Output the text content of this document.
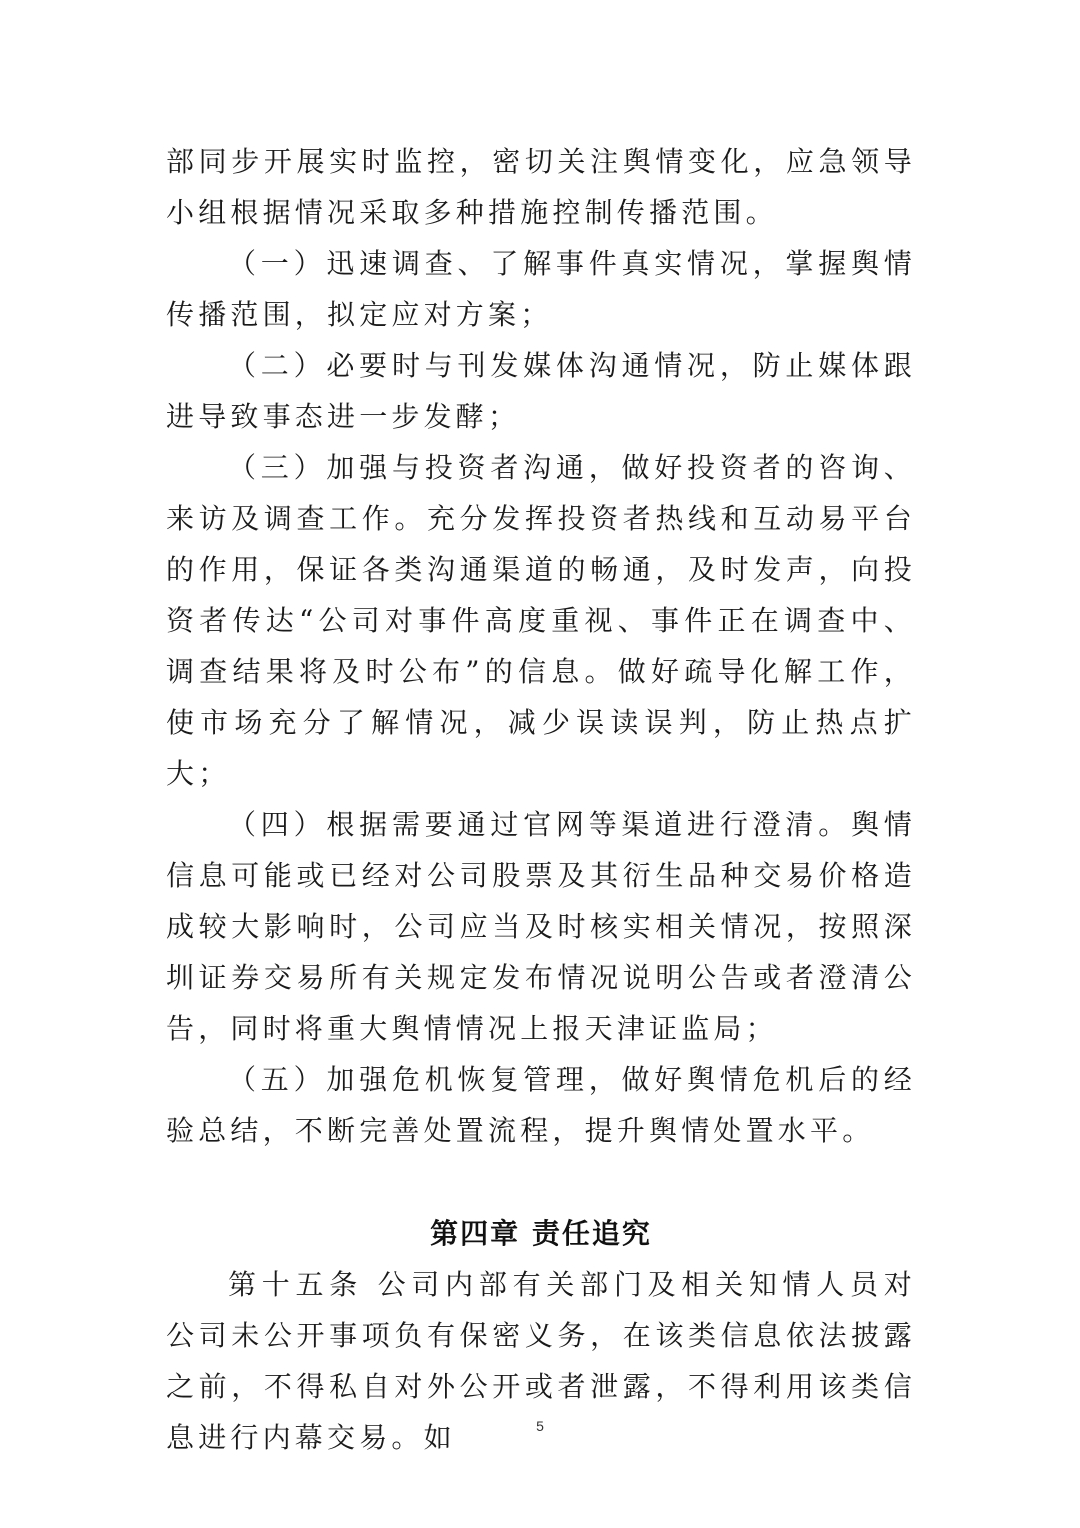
部同步开展实时监控，密切关注舆情变化，应急领导小组根据情况采取多种措施控制传播范围。

（一）迅速调查、了解事件真实情况，掌握舆情传播范围，拟定应对方案；

（二）必要时与刊发媒体沟通情况，防止媒体跟进导致事态进一步发酵；

（三）加强与投资者沟通，做好投资者的咨询、来访及调查工作。充分发挥投资者热线和互动易平台的作用，保证各类沟通渠道的畅通，及时发声，向投资者传达“公司对事件高度重视、事件正在调查中、调查结果将及时公布”的信息。做好疏导化解工作，使市场充分了解情况，减少误读误判，防止热点扩大；

（四）根据需要通过官网等渠道进行澄清。舆情信息可能或已经对公司股票及其衍生品种交易价格造成较大影响时，公司应当及时核实相关情况，按照深圳证券交易所有关规定发布情况说明公告或者澄清公告，同时将重大舆情情况上报天津证监局；

（五）加强危机恢复管理，做好舆情危机后的经验总结，不断完善处置流程，提升舆情处置水平。

第四章 责任追究

第十五条 公司内部有关部门及相关知情人员对公司未公开事项负有保密义务，在该类信息依法披露之前，不得私自对外公开或者泄露，不得利用该类信息进行内幕交易。如	5
